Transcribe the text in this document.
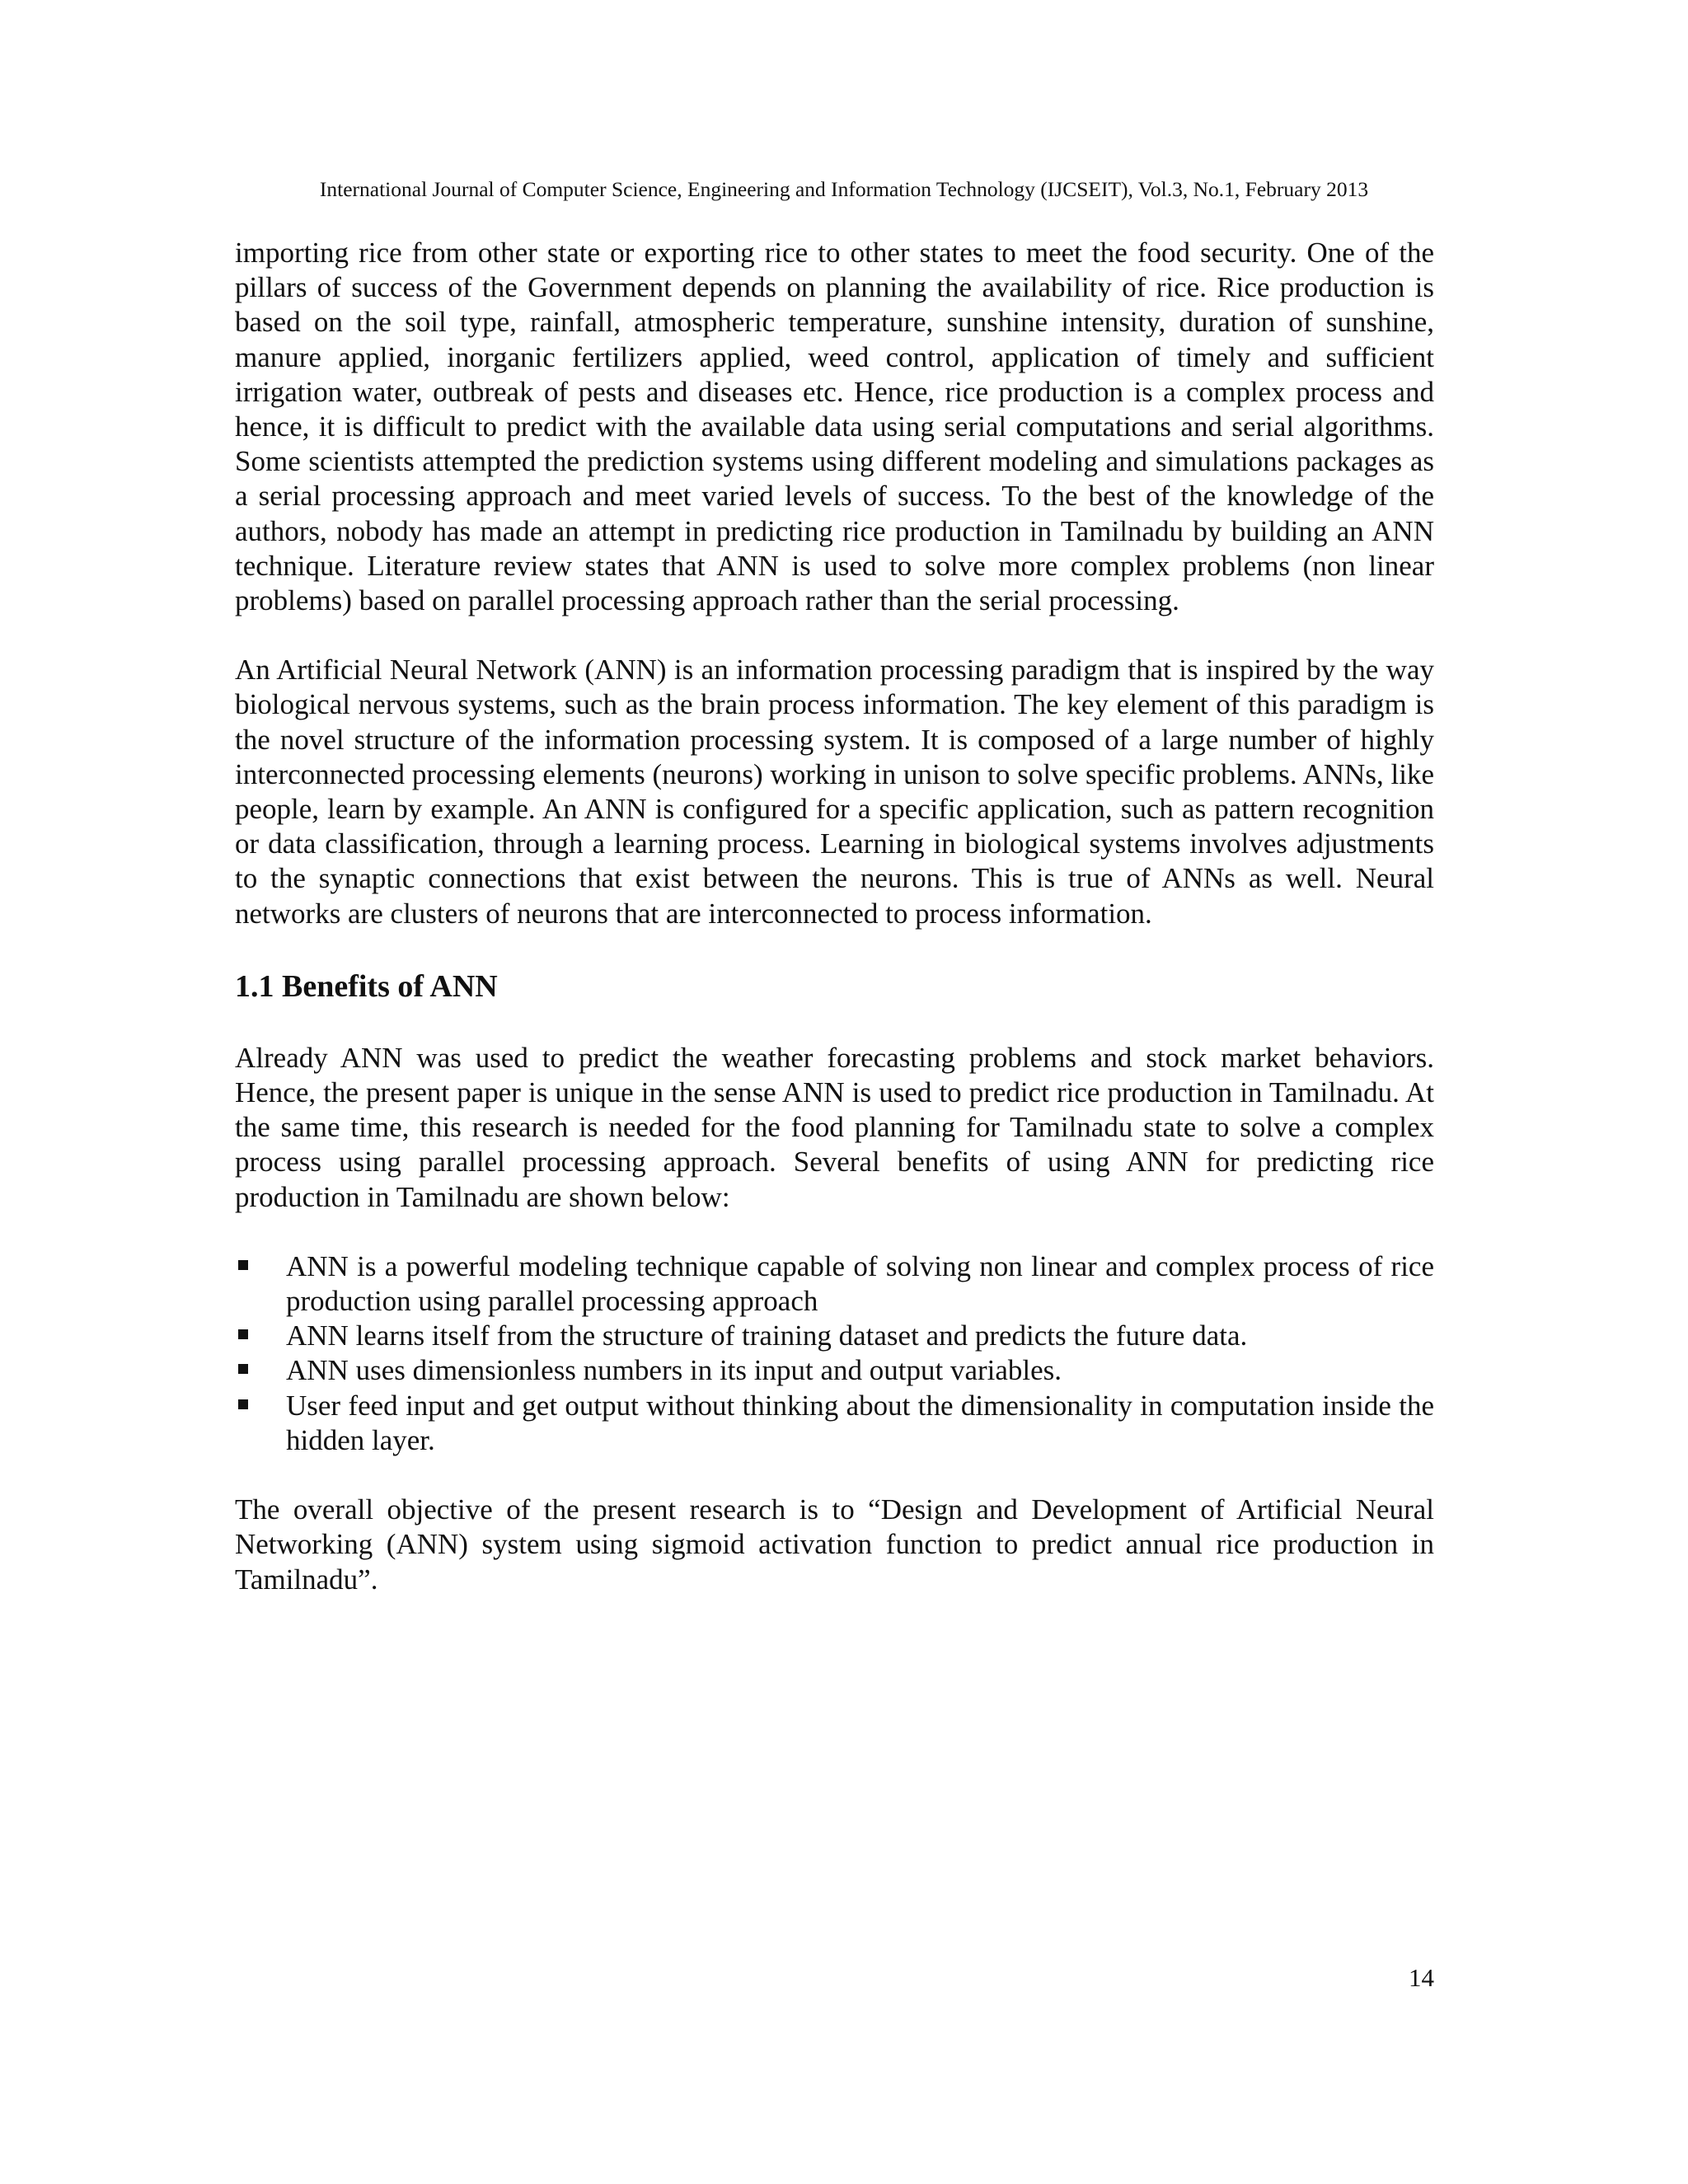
International Journal of Computer Science, Engineering and Information Technology (IJCSEIT), Vol.3, No.1, February 2013

importing rice from other state or exporting rice to other states to meet the food security. One of the pillars of success of the Government depends on planning the availability of rice. Rice production is based on the soil type, rainfall, atmospheric temperature, sunshine intensity, duration of sunshine, manure applied, inorganic fertilizers applied, weed control, application of timely and sufficient irrigation water, outbreak of pests and diseases etc. Hence, rice production is a complex process and hence, it is difficult to predict with the available data using serial computations and serial algorithms. Some scientists attempted the prediction systems using different modeling and simulations packages as a serial processing approach and meet varied levels of success. To the best of the knowledge of the authors, nobody has made an attempt in predicting rice production in Tamilnadu by building an ANN technique. Literature review states that ANN is used to solve more complex problems (non linear problems) based on parallel processing approach rather than the serial processing.

An Artificial Neural Network (ANN) is an information processing paradigm that is inspired by the way biological nervous systems, such as the brain process information. The key element of this paradigm is the novel structure of the information processing system. It is composed of a large number of highly interconnected processing elements (neurons) working in unison to solve specific problems. ANNs, like people, learn by example. An ANN is configured for a specific application, such as pattern recognition or data classification, through a learning process. Learning in biological systems involves adjustments to the synaptic connections that exist between the neurons. This is true of ANNs as well. Neural networks are clusters of neurons that are interconnected to process information.

1.1 Benefits of ANN

Already ANN was used to predict the weather forecasting problems and stock market behaviors. Hence, the present paper is unique in the sense ANN is used to predict rice production in Tamilnadu. At the same time, this research is needed for the food planning for Tamilnadu state to solve a complex process using parallel processing approach. Several benefits of using ANN for predicting rice production in Tamilnadu are shown below:

ANN is a powerful modeling technique capable of solving non linear and complex process of rice production using parallel processing approach
ANN learns itself from the structure of training dataset and predicts the future data.
ANN uses dimensionless numbers in its input and output variables.
User feed input and get output without thinking about the dimensionality in computation inside the hidden layer.

The overall objective of the present research is to “Design and Development of Artificial Neural Networking (ANN) system using sigmoid activation function to predict annual rice production in Tamilnadu”.

14
